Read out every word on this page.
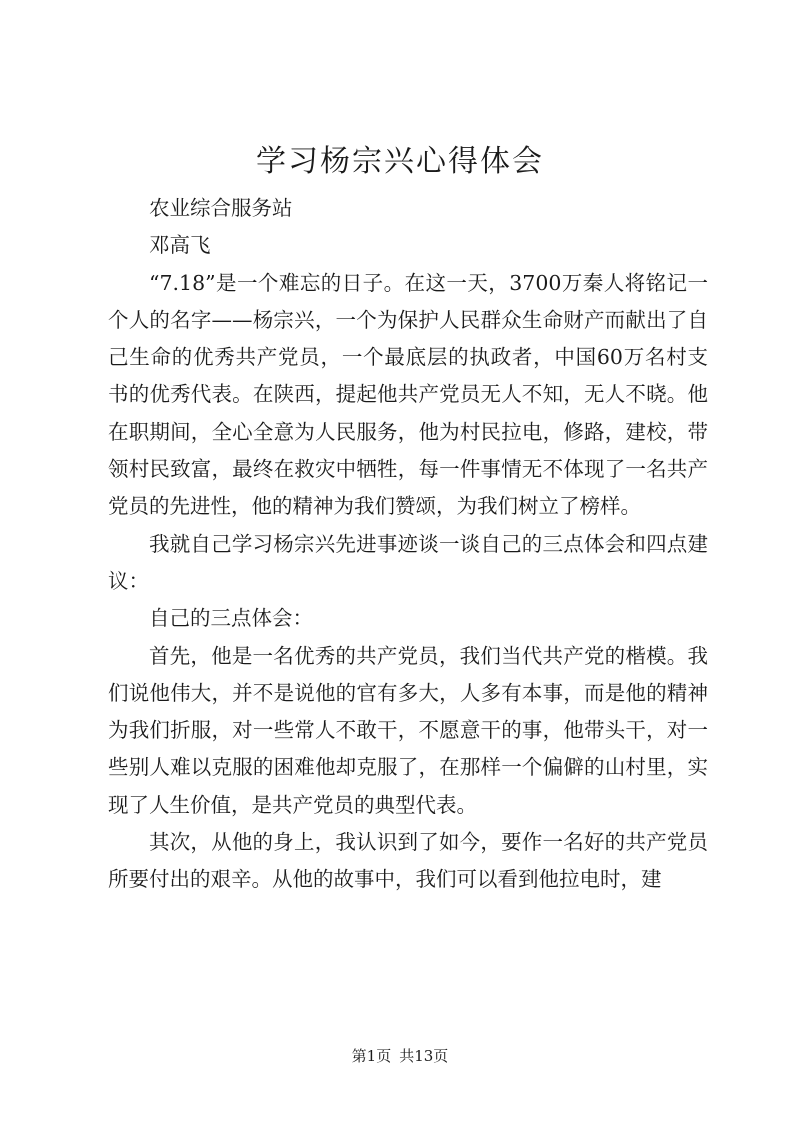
学习杨宗兴心得体会

农业综合服务站

邓高飞

“7.18”是一个难忘的日子。在这一天，3700万秦人将铭记一个人的名字——杨宗兴，一个为保护人民群众生命财产而献出了自己生命的优秀共产党员，一个最底层的执政者，中国60万名村支书的优秀代表。在陕西，提起他共产党员无人不知，无人不晓。他在职期间，全心全意为人民服务，他为村民拉电，修路，建校，带领村民致富，最终在救灾中牺牲，每一件事情无不体现了一名共产党员的先进性，他的精神为我们赞颂，为我们树立了榜样。

我就自己学习杨宗兴先进事迹谈一谈自己的三点体会和四点建议：

自己的三点体会：

首先，他是一名优秀的共产党员，我们当代共产党的楷模。我们说他伟大，并不是说他的官有多大，人多有本事，而是他的精神为我们折服，对一些常人不敢干，不愿意干的事，他带头干，对一些别人难以克服的困难他却克服了，在那样一个偏僻的山村里，实现了人生价值，是共产党员的典型代表。

其次，从他的身上，我认识到了如今，要作一名好的共产党员所要付出的艰辛。从他的故事中，我们可以看到他拉电时，建

第1页 共13页
